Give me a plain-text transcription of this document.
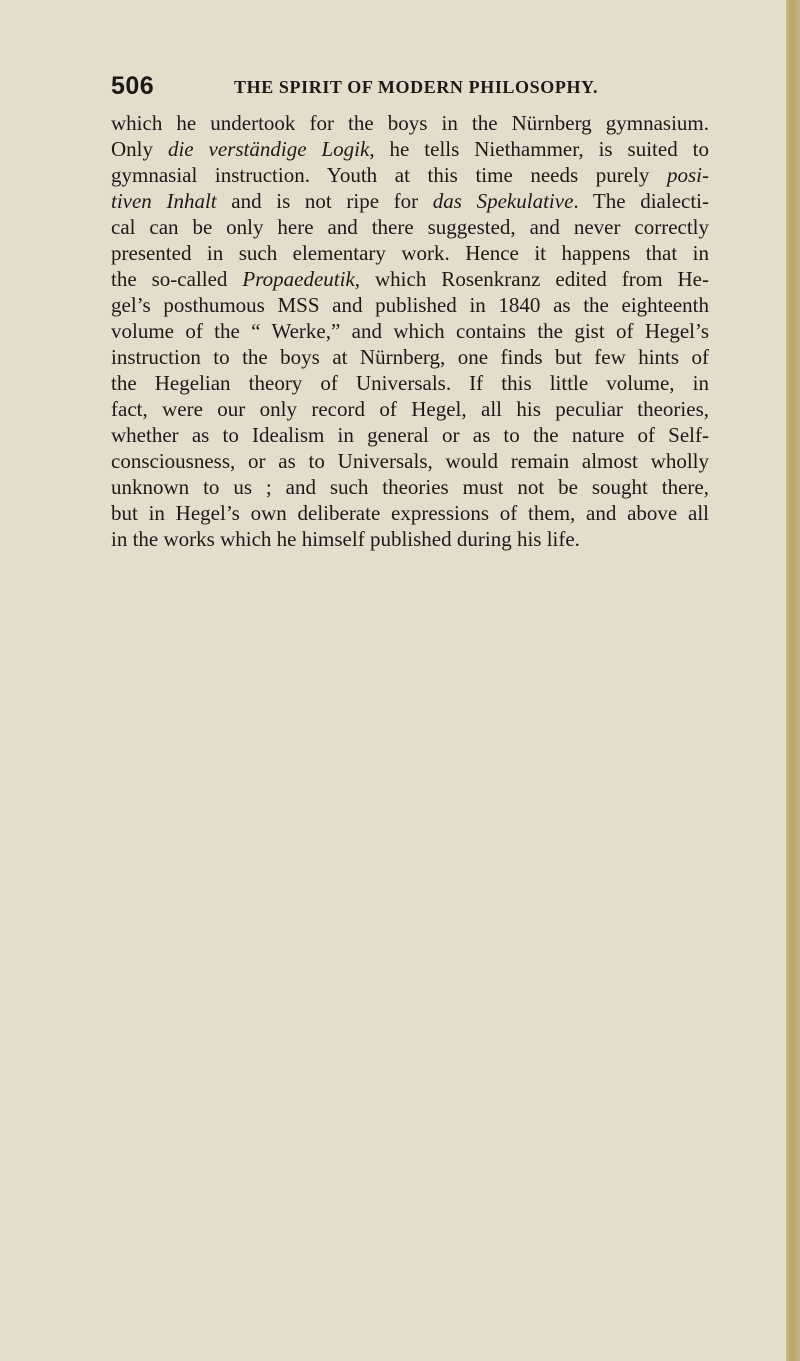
506	THE SPIRIT OF MODERN PHILOSOPHY.
which he undertook for the boys in the Nürnberg gymnasium.
Only die verständige Logik, he tells Niethammer, is suited to
gymnasial instruction. Youth at this time needs purely posi-
tiven Inhalt and is not ripe for das Spekulative. The dialecti-
cal can be only here and there suggested, and never correctly
presented in such elementary work. Hence it happens that in
the so-called Propaedeutik, which Rosenkranz edited from He-
gel’s posthumous MSS and published in 1840 as the eighteenth
volume of the “ Werke,” and which contains the gist of Hegel’s
instruction to the boys at Nürnberg, one finds but few hints of
the Hegelian theory of Universals. If this little volume, in
fact, were our only record of Hegel, all his peculiar theories,
whether as to Idealism in general or as to the nature of Self-
consciousness, or as to Universals, would remain almost wholly
unknown to us ; and such theories must not be sought there,
but in Hegel’s own deliberate expressions of them, and above all
in the works which he himself published during his life.
